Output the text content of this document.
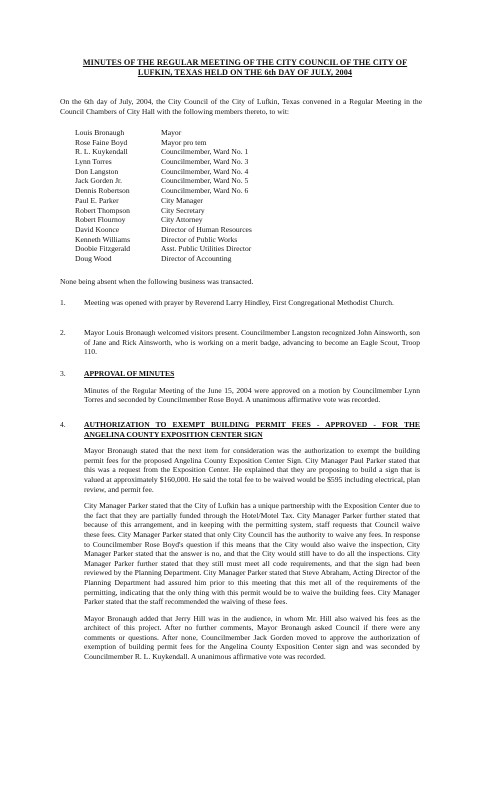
MINUTES OF THE REGULAR MEETING OF THE CITY COUNCIL OF THE CITY OF
LUFKIN, TEXAS HELD ON THE 6th DAY OF JULY, 2004
On the 6th day of July, 2004, the City Council of the City of Lufkin, Texas convened in a Regular Meeting in the Council Chambers of City Hall with the following members thereto, to wit:
Louis Bronaugh	Mayor
Rose Faine Boyd	Mayor pro tem
R. L. Kuykendall	Councilmember, Ward No. 1
Lynn Torres	Councilmember, Ward No. 3
Don Langston	Councilmember, Ward No. 4
Jack Gorden Jr.	Councilmember, Ward No. 5
Dennis Robertson	Councilmember, Ward No. 6
Paul E. Parker	City Manager
Robert Thompson	City Secretary
Robert Flournoy	City Attorney
David Koonce	Director of Human Resources
Kenneth Williams	Director of Public Works
Doobie Fitzgerald	Asst. Public Utilities Director
Doug Wood	Director of Accounting
None being absent when the following business was transacted.
1.	Meeting was opened with prayer by Reverend Larry Hindley, First Congregational Methodist Church.
2.	Mayor Louis Bronaugh welcomed visitors present. Councilmember Langston recognized John Ainsworth, son of Jane and Rick Ainsworth, who is working on a merit badge, advancing to become an Eagle Scout, Troop 110.
3.	APPROVAL OF MINUTES
Minutes of the Regular Meeting of the June 15, 2004 were approved on a motion by Councilmember Lynn Torres and seconded by Councilmember Rose Boyd. A unanimous affirmative vote was recorded.
4.	AUTHORIZATION TO EXEMPT BUILDING PERMIT FEES - APPROVED - FOR THE ANGELINA COUNTY EXPOSITION CENTER SIGN
Mayor Bronaugh stated that the next item for consideration was the authorization to exempt the building permit fees for the proposed Angelina County Exposition Center Sign. City Manager Paul Parker stated that this was a request from the Exposition Center. He explained that they are proposing to build a sign that is valued at approximately $160,000. He said the total fee to be waived would be $595 including electrical, plan review, and permit fee.
City Manager Parker stated that the City of Lufkin has a unique partnership with the Exposition Center due to the fact that they are partially funded through the Hotel/Motel Tax. City Manager Parker further stated that because of this arrangement, and in keeping with the permitting system, staff requests that Council waive these fees. City Manager Parker stated that only City Council has the authority to waive any fees. In response to Councilmember Rose Boyd's question if this means that the City would also waive the inspection, City Manager Parker stated that the answer is no, and that the City would still have to do all the inspections. City Manager Parker further stated that they still must meet all code requirements, and that the sign had been reviewed by the Planning Department. City Manager Parker stated that Steve Abraham, Acting Director of the Planning Department had assured him prior to this meeting that this met all of the requirements of the permitting, indicating that the only thing with this permit would be to waive the building fees. City Manager Parker stated that the staff recommended the waiving of these fees.
Mayor Bronaugh added that Jerry Hill was in the audience, in whom Mr. Hill also waived his fees as the architect of this project. After no further comments, Mayor Bronaugh asked Council if there were any comments or questions. After none, Councilmember Jack Gorden moved to approve the authorization of exemption of building permit fees for the Angelina County Exposition Center sign and was seconded by Councilmember R. L. Kuykendall. A unanimous affirmative vote was recorded.
